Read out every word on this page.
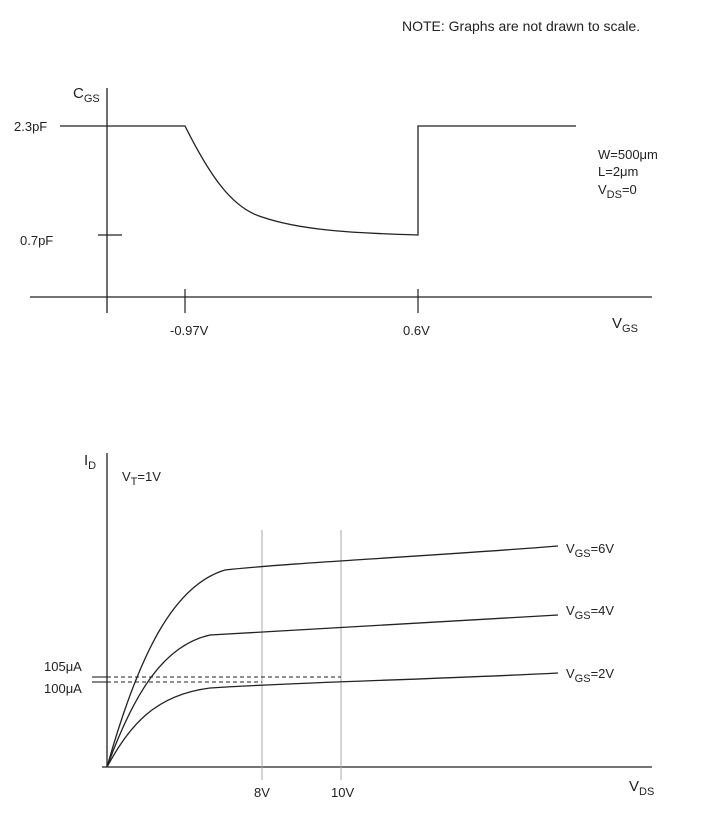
NOTE: Graphs are not drawn to scale.
$C_{GS}$
2.3pF
0.7pF
-0.97V	0.6V	$V_{GS}$
W=500μm
L=2μm
$V_{DS}=0$
$I_D$
$V_T=1V$
8V	10V	$V_{DS}$
105μA
100μA
$V_{GS}=6V$
$V_{GS}=4V$
$V_{GS}=2V$
